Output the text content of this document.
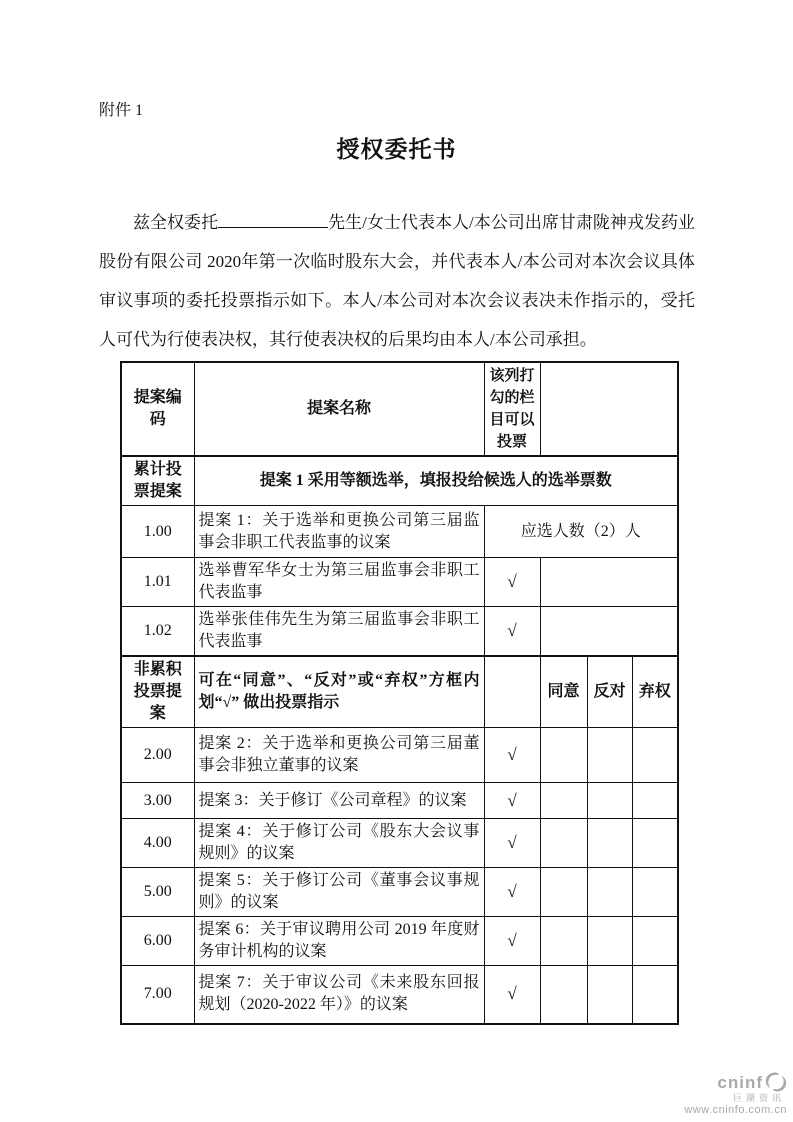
附件 1
授权委托书

兹全权委托	先生/女士代表本人/本公司出席甘肃陇神戎发药业股份有限公司 2020年第一次临时股东大会，并代表本人/本公司对本次会议具体审议事项的委托投票指示如下。本人/本公司对本次会议表决未作指示的，受托人可代为行使表决权，其行使表决权的后果均由本人/本公司承担。

提案编码	提案名称	该列打勾的栏目可以投票			
累计投票提案	提案 1 采用等额选举，填报投给候选人的选举票数				
1.00	提案 1：关于选举和更换公司第三届监事会非职工代表监事的议案	应选人数（2）人			
1.01	选举曹军华女士为第三届监事会非职工代表监事	√			
1.02	选举张佳伟先生为第三届监事会非职工代表监事	√			
非累积投票提案	可在“同意”、“反对”或“弃权”方框内划“√” 做出投票指示		同意	反对	弃权
2.00	提案 2：关于选举和更换公司第三届董事会非独立董事的议案	√			
3.00	提案 3：关于修订《公司章程》的议案	√			
4.00	提案 4：关于修订公司《股东大会议事规则》的议案	√			
5.00	提案 5：关于修订公司《董事会议事规则》的议案	√			
6.00	提案 6：关于审议聘用公司 2019 年度财务审计机构的议案	√			
7.00	提案 7：关于审议公司《未来股东回报规划（2020-2022 年）》的议案	√			
cninf
巨潮资讯
www.cninfo.com.cn
